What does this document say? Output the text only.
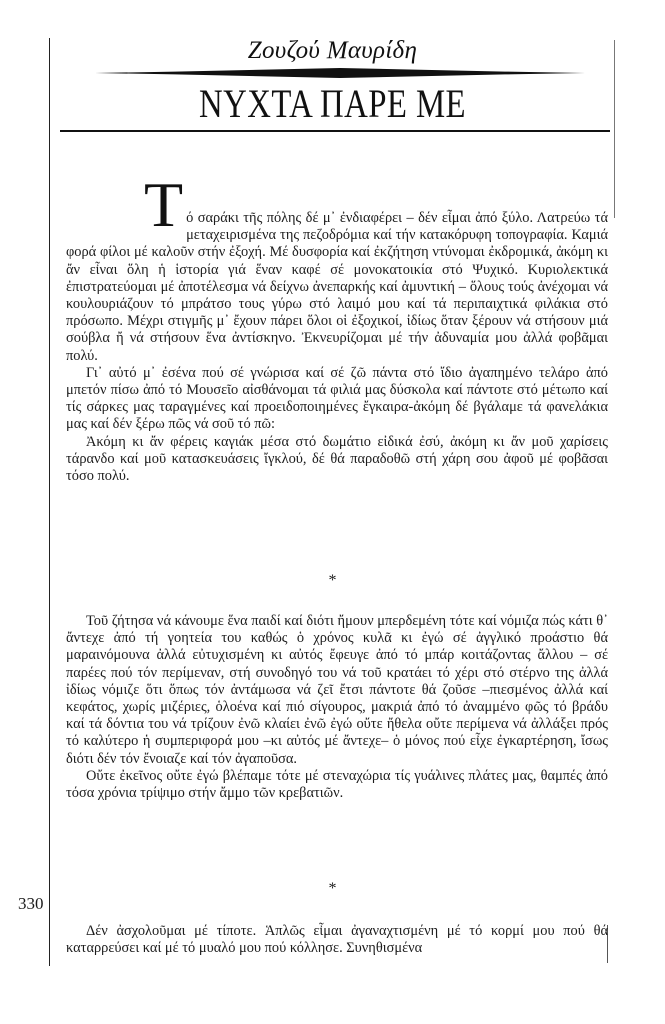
Ζουζού Μαυρίδη
ΝΥΧΤΑ ΠΑΡΕ ΜΕ
Τ ό σαράκι τῆς πόλης δέ μ᾽ ἐνδιαφέρει – δέν εἶμαι ἀπό ξύλο. Λατρεύω τά μεταχειρισμένα της πεζοδρόμια καί τήν κατακόρυφη τοπογραφία. Καμιά φορά φίλοι μέ καλοῦν στήν ἐξοχή. Μέ δυσφορία καί ἐκζήτηση ντύνομαι ἐκδρομικά, ἀκόμη κι ἄν εἶναι ὅλη ἡ ἱστορία γιά ἕναν καφέ σέ μονοκατοικία στό Ψυχικό. Κυριολεκτικά ἐπιστρατεύομαι μέ ἀποτέλεσμα νά δείχνω ἀνεπαρκής καί ἀμυντική – ὅλους τούς ἀνέχομαι νά κουλουριάζουν τό μπράτσο τους γύρω στό λαιμό μου καί τά περιπαιχτικά φιλάκια στό πρόσωπο. Μέχρι στιγμῆς μ᾽ ἔχουν πάρει ὅλοι οἱ ἐξοχικοί, ἰδίως ὅταν ξέρουν νά στήσουν μιά σούβλα ἤ νά στήσουν ἕνα ἀντίσκηνο. Ἐκνευρίζομαι μέ τήν ἀδυναμία μου ἀλλά φοβᾶμαι πολύ.

Γι᾽ αὐτό μ᾽ ἐσένα πού σέ γνώρισα καί σέ ζῶ πάντα στό ἴδιο ἀγαπημένο τελάρο ἀπό μπετόν πίσω ἀπό τό Μουσεῖο αἰσθάνομαι τά φιλιά μας δύσκολα καί πάντοτε στό μέτωπο καί τίς σάρκες μας ταραγμένες καί προειδοποιημένες ἔγκαιρα-ἀκόμη δέ βγάλαμε τά φανελάκια μας καί δέν ξέρω πῶς νά σοῦ τό πῶ:

Ἀκόμη κι ἄν φέρεις καγιάκ μέσα στό δωμάτιο εἰδικά ἐσύ, ἀκόμη κι ἄν μοῦ χαρίσεις τάρανδο καί μοῦ κατασκευάσεις ἴγκλού, δέ θά παραδοθῶ στή χάρη σου ἀφοῦ μέ φοβᾶσαι τόσο πολύ.

*

Τοῦ ζήτησα νά κάνουμε ἕνα παιδί καί διότι ἤμουν μπερδεμένη τότε καί νόμιζα πώς κάτι θ᾽ ἄντεχε ἀπό τή γοητεία του καθώς ὁ χρόνος κυλᾶ κι ἐγώ σέ ἀγγλικό προάστιο θά μαραινόμουνα ἀλλά εὐτυχισμένη κι αὐτός ἔφευγε ἀπό τό μπάρ κοιτάζοντας ἄλλου – σέ παρέες πού τόν περίμεναν, στή συνοδηγό του νά τοῦ κρατάει τό χέρι στό στέρνο της ἀλλά ἰδίως νόμιζε ὅτι ὅπως τόν ἀντάμωσα νά ζεῖ ἔτσι πάντοτε θά ζοῦσε –πιεσμένος ἀλλά καί κεφάτος, χωρίς μιζέριες, ὁλοένα καί πιό σίγουρος, μακριά ἀπό τό ἀναμμένο φῶς τό βράδυ καί τά δόντια του νά τρίζουν ἐνῶ κλαίει ἐνῶ ἐγώ οὔτε ἤθελα οὔτε περίμενα νά ἀλλάξει πρός τό καλύτερο ἡ συμπεριφορά μου –κι αὐτός μέ ἄντεχε– ὁ μόνος πού εἶχε ἐγκαρτέρηση, ἴσως διότι δέν τόν ἔνοιαζε καί τόν ἀγαποῦσα.

Οὔτε ἐκεῖνος οὔτε ἐγώ βλέπαμε τότε μέ στεναχώρια τίς γυάλινες πλάτες μας, θαμπές ἀπό τόσα χρόνια τρίψιμο στήν ἄμμο τῶν κρεβατιῶν.

*

Δέν ἀσχολοῦμαι μέ τίποτε. Ἁπλῶς εἶμαι ἀγαναχτισμένη μέ τό κορμί μου πού θά καταρρεύσει καί μέ τό μυαλό μου πού κόλλησε. Συνηθισμένα

330
